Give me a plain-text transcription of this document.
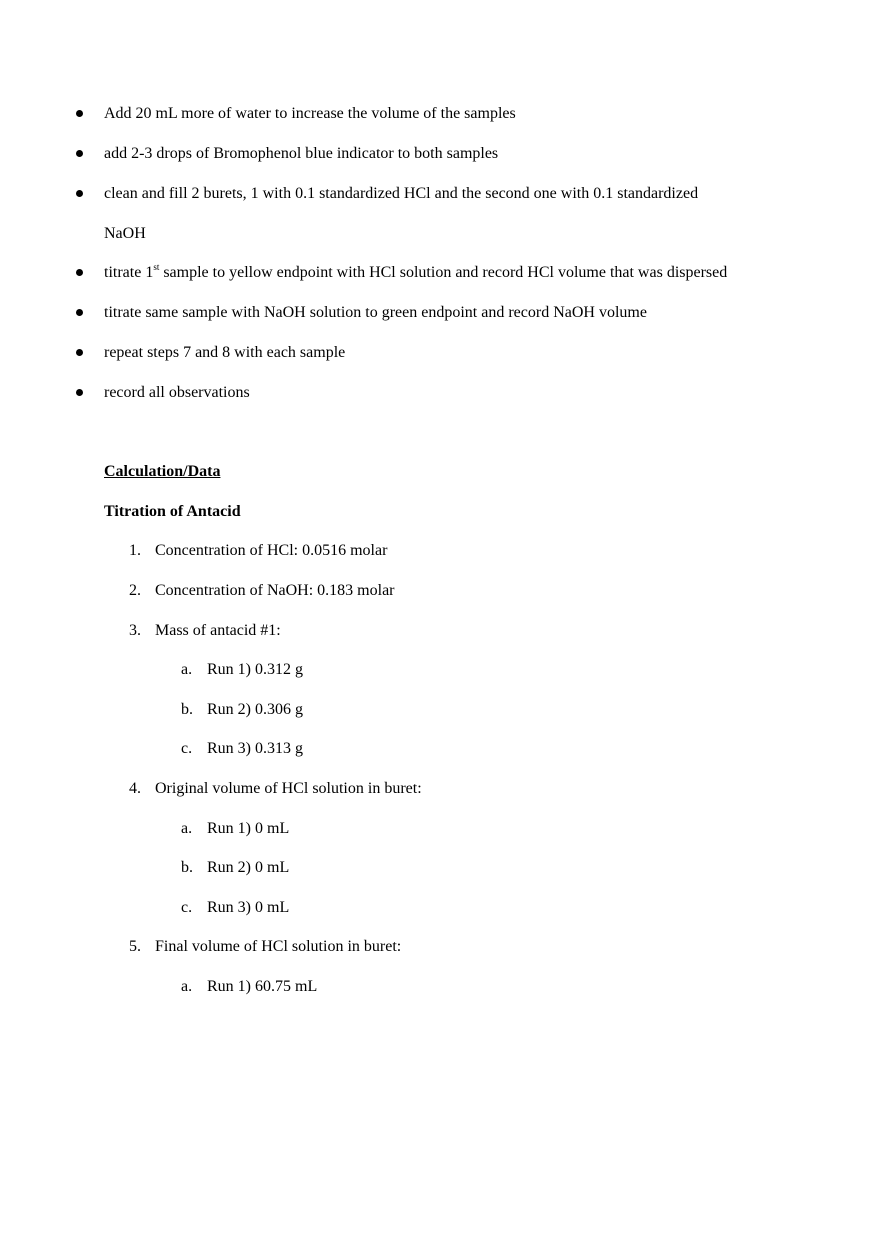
Add 20 mL more of water to increase the volume of the samples
add 2-3 drops of Bromophenol blue indicator to both samples
clean and fill 2 burets, 1 with 0.1 standardized HCl and the second one with 0.1 standardized
NaOH
titrate 1st sample to yellow endpoint with HCl solution and record HCl volume that was dispersed
titrate same sample with NaOH solution to green endpoint and record NaOH volume
repeat steps 7 and 8 with each sample
record all observations
Calculation/Data
Titration of Antacid
1. Concentration of HCl: 0.0516 molar
2. Concentration of NaOH: 0.183 molar
3. Mass of antacid #1:
a. Run 1) 0.312 g
b. Run 2) 0.306 g
c. Run 3) 0.313 g
4. Original volume of HCl solution in buret:
a. Run 1) 0 mL
b. Run 2) 0 mL
c. Run 3) 0 mL
5. Final volume of HCl solution in buret:
a. Run 1) 60.75 mL
